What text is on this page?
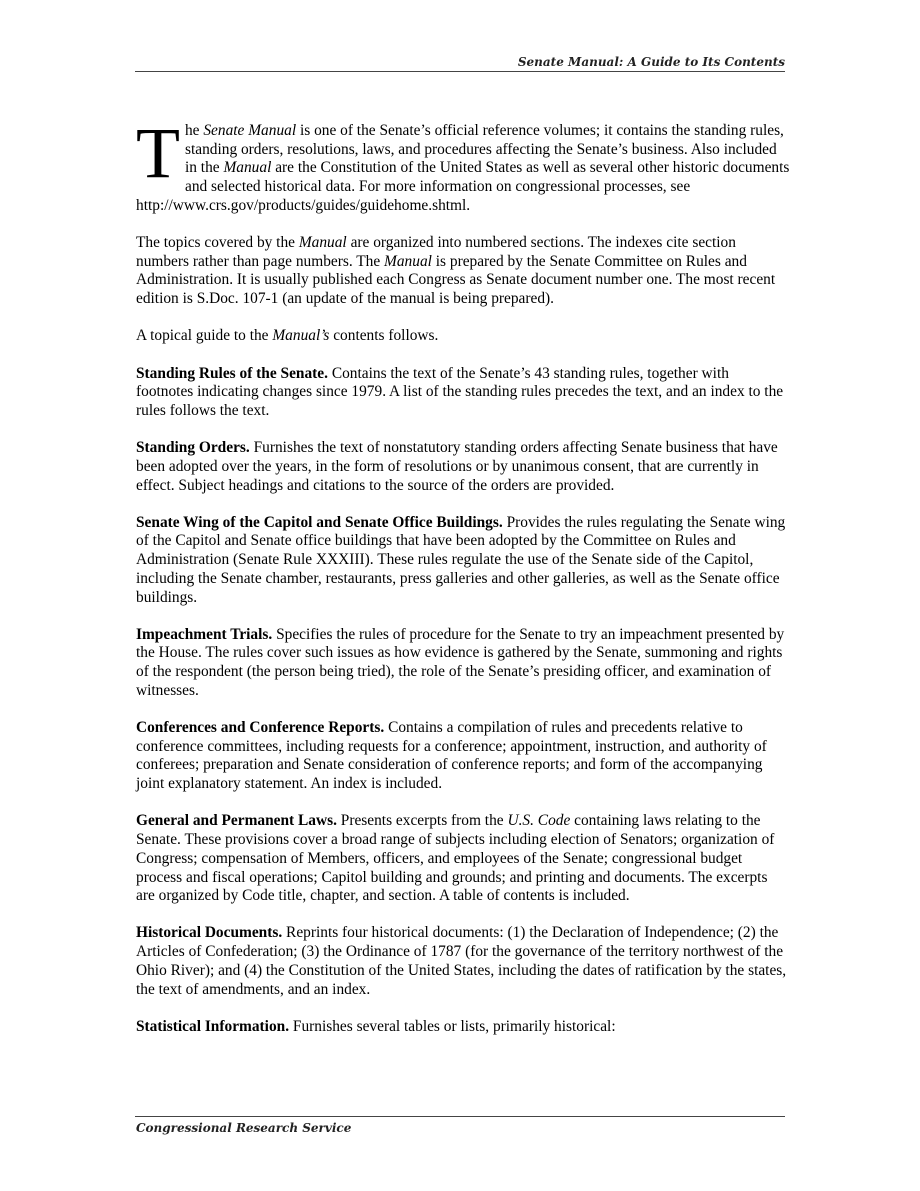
Senate Manual: A Guide to Its Contents

The Senate Manual is one of the Senate’s official reference volumes; it contains the standing rules, standing orders, resolutions, laws, and procedures affecting the Senate’s business. Also included in the Manual are the Constitution of the United States as well as several other historic documents and selected historical data. For more information on congressional processes, see http://www.crs.gov/products/guides/guidehome.shtml.

The topics covered by the Manual are organized into numbered sections. The indexes cite section numbers rather than page numbers. The Manual is prepared by the Senate Committee on Rules and Administration. It is usually published each Congress as Senate document number one. The most recent edition is S.Doc. 107-1 (an update of the manual is being prepared).

A topical guide to the Manual’s contents follows.

Standing Rules of the Senate. Contains the text of the Senate’s 43 standing rules, together with footnotes indicating changes since 1979. A list of the standing rules precedes the text, and an index to the rules follows the text.

Standing Orders. Furnishes the text of nonstatutory standing orders affecting Senate business that have been adopted over the years, in the form of resolutions or by unanimous consent, that are currently in effect. Subject headings and citations to the source of the orders are provided.

Senate Wing of the Capitol and Senate Office Buildings. Provides the rules regulating the Senate wing of the Capitol and Senate office buildings that have been adopted by the Committee on Rules and Administration (Senate Rule XXXIII). These rules regulate the use of the Senate side of the Capitol, including the Senate chamber, restaurants, press galleries and other galleries, as well as the Senate office buildings.

Impeachment Trials. Specifies the rules of procedure for the Senate to try an impeachment presented by the House. The rules cover such issues as how evidence is gathered by the Senate, summoning and rights of the respondent (the person being tried), the role of the Senate’s presiding officer, and examination of witnesses.

Conferences and Conference Reports. Contains a compilation of rules and precedents relative to conference committees, including requests for a conference; appointment, instruction, and authority of conferees; preparation and Senate consideration of conference reports; and form of the accompanying joint explanatory statement. An index is included.

General and Permanent Laws. Presents excerpts from the U.S. Code containing laws relating to the Senate. These provisions cover a broad range of subjects including election of Senators; organization of Congress; compensation of Members, officers, and employees of the Senate; congressional budget process and fiscal operations; Capitol building and grounds; and printing and documents. The excerpts are organized by Code title, chapter, and section. A table of contents is included.

Historical Documents. Reprints four historical documents: (1) the Declaration of Independence; (2) the Articles of Confederation; (3) the Ordinance of 1787 (for the governance of the territory northwest of the Ohio River); and (4) the Constitution of the United States, including the dates of ratification by the states, the text of amendments, and an index.

Statistical Information. Furnishes several tables or lists, primarily historical:

Congressional Research Service
